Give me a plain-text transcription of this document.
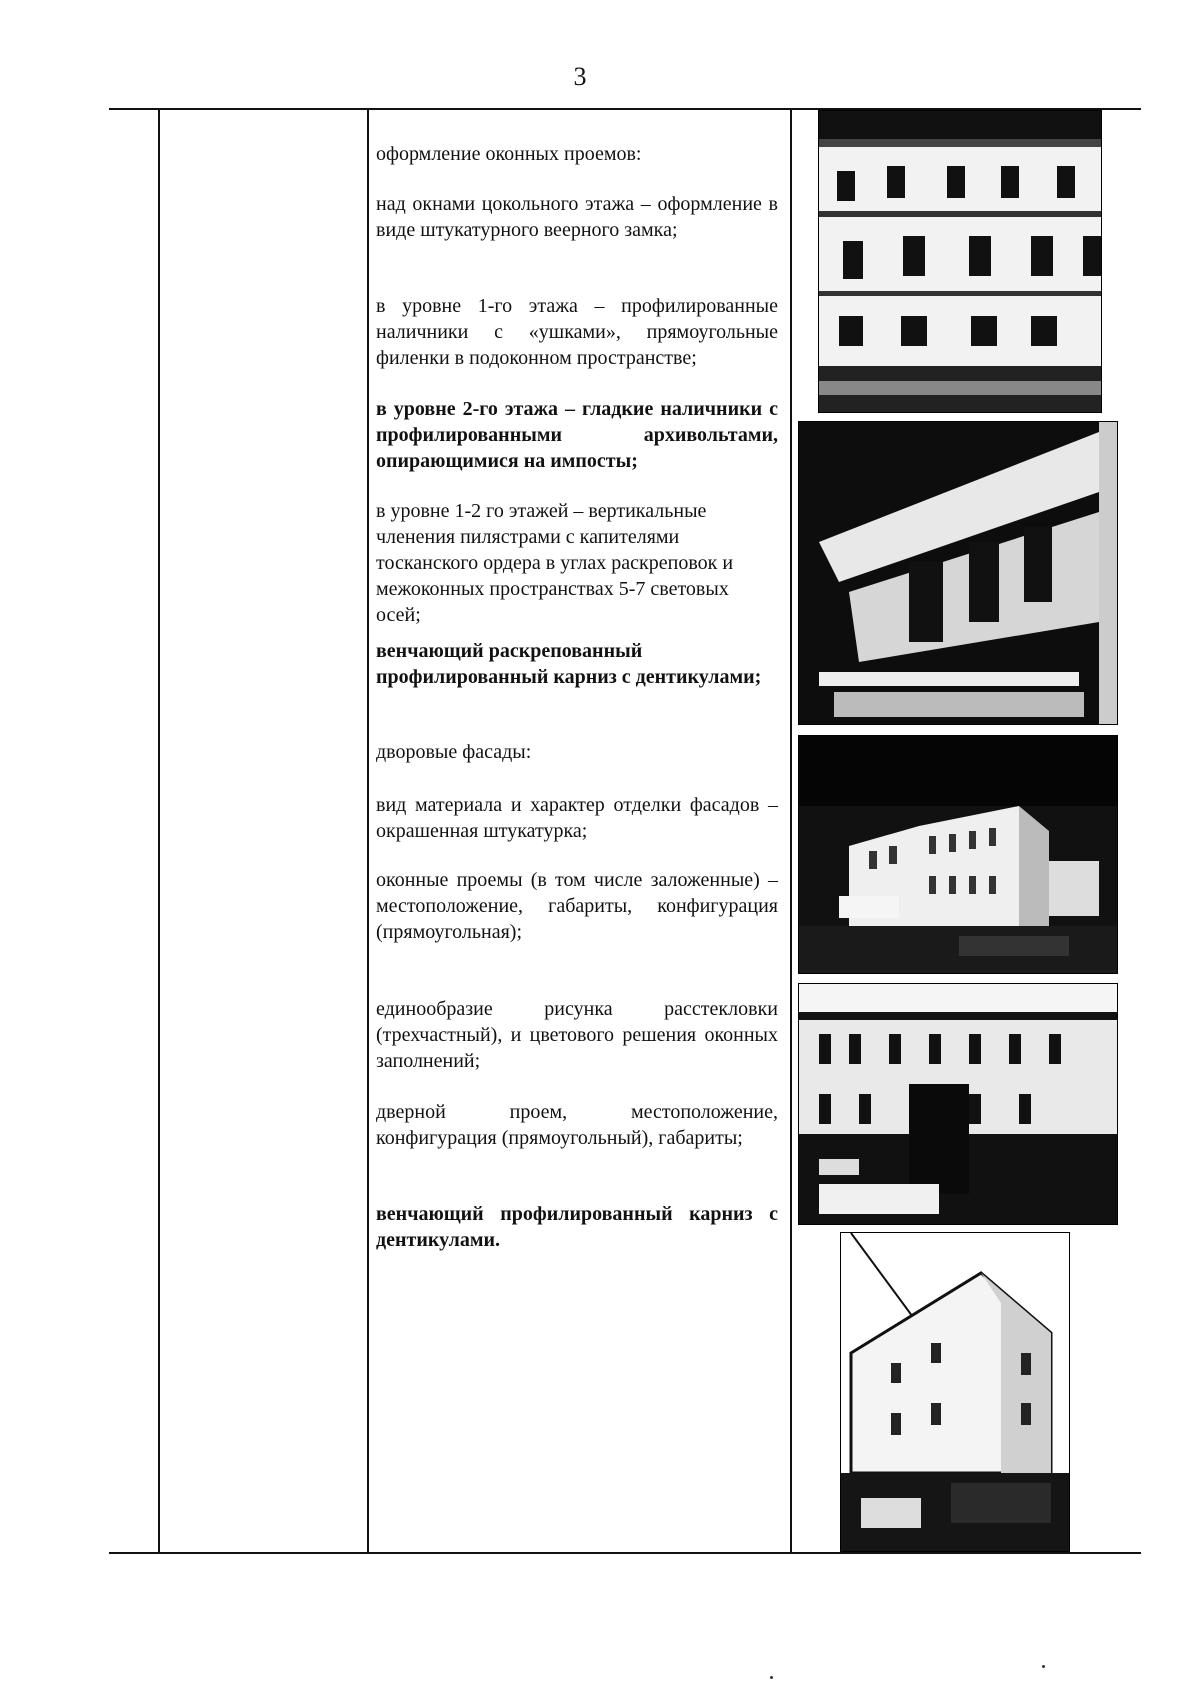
3
оформление оконных проемов:
над окнами цокольного этажа – оформление в виде штукатурного веерного замка;
в уровне 1-го этажа – профилированные наличники с «ушками», прямоугольные филенки в подоконном пространстве;
в уровне 2-го этажа – гладкие наличники с профилированными архивольтами, опирающимися на импосты;
в уровне 1-2 го этажей – вертикальные членения пилястрами с капителями тосканского ордера в углах раскреповок и межоконных пространствах 5-7 световых осей;
венчающий раскрепованный профилированный карниз с дентикулами;
дворовые фасады:
вид материала и характер отделки фасадов – окрашенная штукатурка;
оконные проемы (в том числе заложенные) – местоположение, габариты, конфигурация (прямоугольная);
единообразие рисунка расстекловки (трехчастный), и цветового решения оконных заполнений;
дверной проем, местоположение, конфигурация (прямоугольный), габариты;
венчающий профилированный карниз с дентикулами.
